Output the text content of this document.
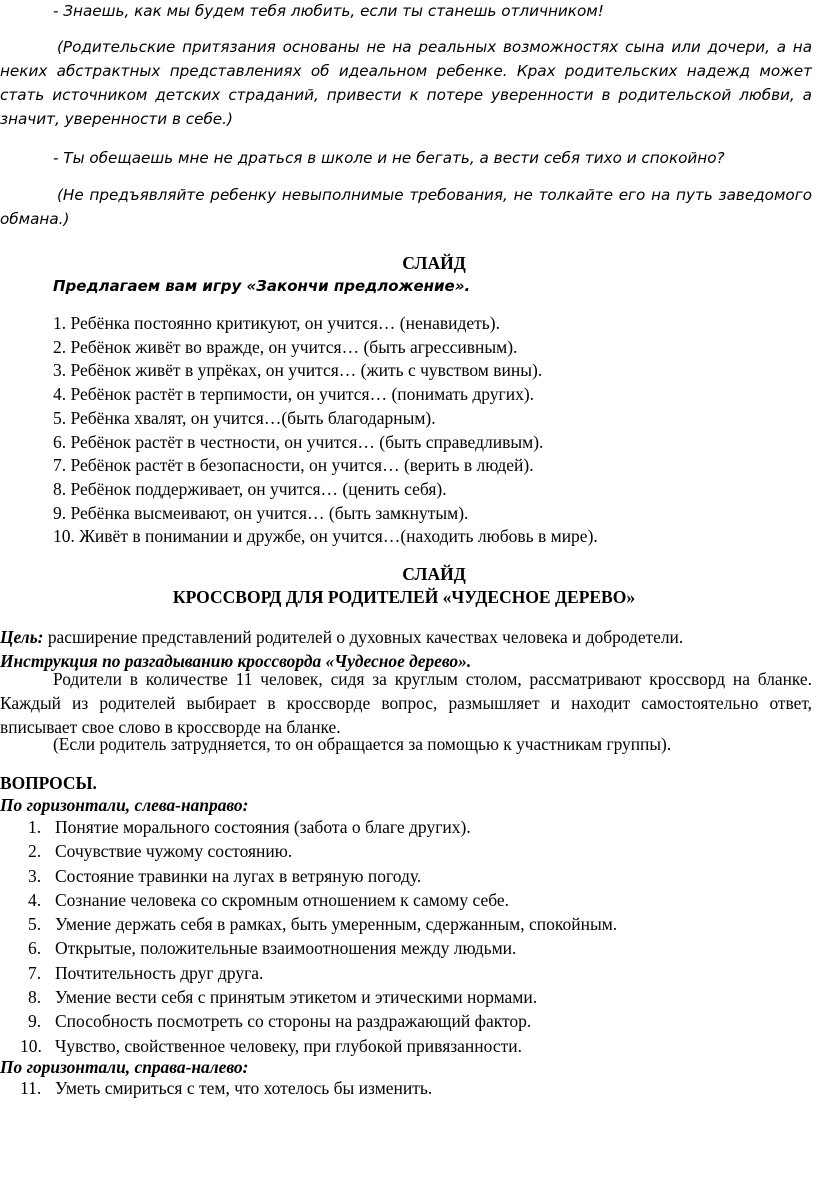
- Знаешь, как мы будем тебя любить, если ты станешь отличником!

(Родительские притязания основаны не на реальных возможностях сына или дочери, а на неких абстрактных представлениях об идеальном ребенке. Крах родительских надежд может стать источником детских страданий, привести к потере уверенности в родительской любви, а значит, уверенности в себе.)

- Ты обещаешь мне не драться в школе и не бегать, а вести себя тихо и спокойно?

(Не предъявляйте ребенку невыполнимые требования, не толкайте его на путь заведомого обмана.)

СЛАЙД
Предлагаем вам игру «Закончи предложение».
1. Ребёнка постоянно критикуют, он учится… (ненавидеть).
2. Ребёнок живёт во вражде, он учится… (быть агрессивным).
3. Ребёнок живёт в упрёках, он учится… (жить с чувством вины).
4. Ребёнок растёт в терпимости, он учится… (понимать других).
5. Ребёнка хвалят, он учится…(быть благодарным).
6. Ребёнок растёт в честности, он учится… (быть справедливым).
7. Ребёнок растёт в безопасности, он учится… (верить в людей).
8. Ребёнок поддерживает, он учится… (ценить себя).
9. Ребёнка высмеивают, он учится… (быть замкнутым).
10. Живёт в понимании и дружбе, он учится…(находить любовь в мире).
СЛАЙД
КРОССВОРД ДЛЯ РОДИТЕЛЕЙ «ЧУДЕСНОЕ ДЕРЕВО»

Цель: расширение представлений родителей о духовных качествах человека и добродетели.

Инструкция по разгадыванию кроссворда «Чудесное дерево».

Родители в количестве 11 человек, сидя за круглым столом, рассматривают кроссворд на бланке. Каждый из родителей выбирает в кроссворде вопрос, размышляет и находит самостоятельно ответ, вписывает свое слово в кроссворде на бланке.

(Если родитель затрудняется, то он обращается за помощью к участникам группы).

ВОПРОСЫ.
По горизонтали, слева-направо:
1. Понятие морального состояния (забота о благе других).
2. Сочувствие чужому состоянию.
3. Состояние травинки на лугах в ветряную погоду.
4. Сознание человека со скромным отношением к самому себе.
5. Умение держать себя в рамках, быть умеренным, сдержанным, спокойным.
6. Открытые, положительные взаимоотношения между людьми.
7. Почтительность друг друга.
8. Умение вести себя с принятым этикетом и этическими нормами.
9. Способность посмотреть со стороны на раздражающий фактор.
10. Чувство, свойственное человеку, при глубокой привязанности.
По горизонтали, справа-налево:
11. Уметь смириться с тем, что хотелось бы изменить.
